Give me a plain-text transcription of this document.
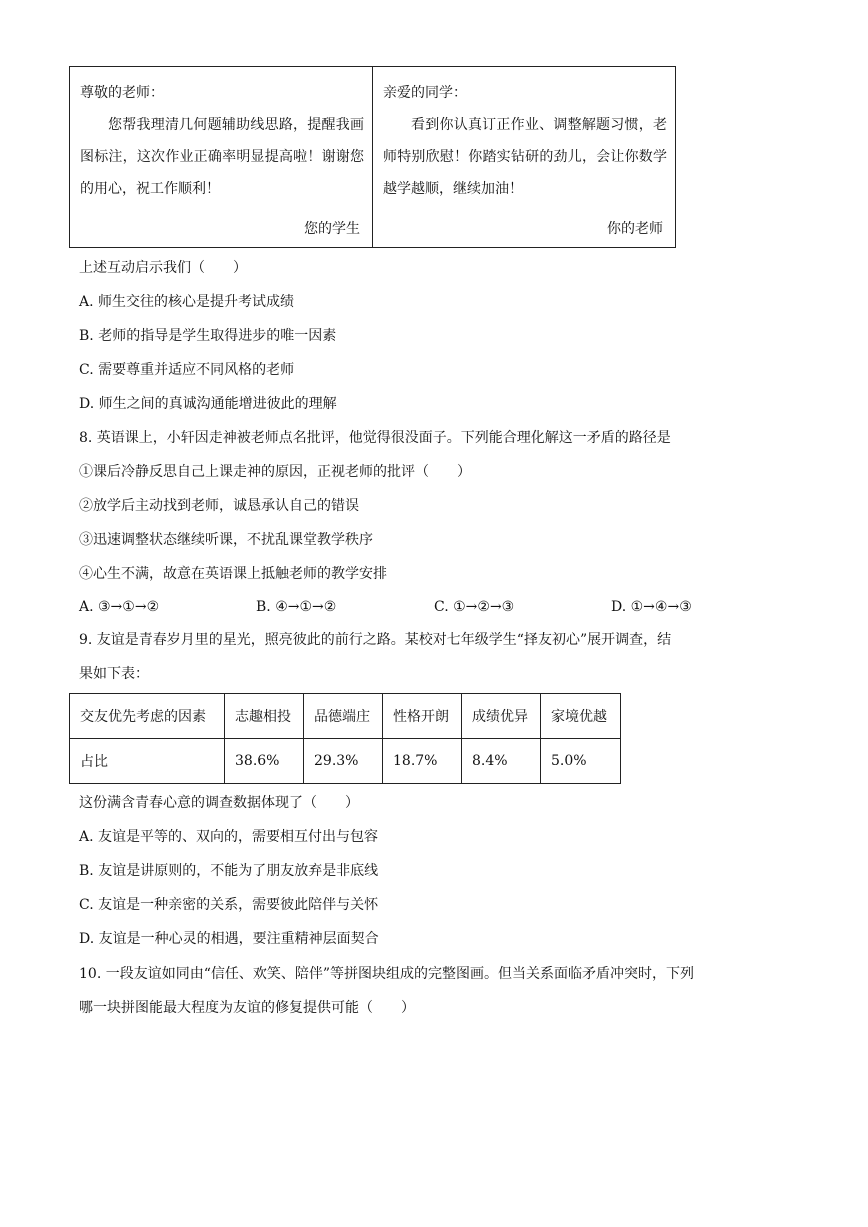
尊敬的老师：
您帮我理清几何题辅助线思路，提醒我画图标注，这次作业正确率明显提高啦！谢谢您的用心，祝工作顺利！
您的学生
亲爱的同学：
看到你认真订正作业、调整解题习惯，老师特别欣慰！你踏实钻研的劲儿，会让你数学越学越顺，继续加油！
你的老师
上述互动启示我们（　　）
A. 师生交往的核心是提升考试成绩
B. 老师的指导是学生取得进步的唯一因素
C. 需要尊重并适应不同风格的老师
D. 师生之间的真诚沟通能增进彼此的理解
8. 英语课上，小轩因走神被老师点名批评，他觉得很没面子。下列能合理化解这一矛盾的路径是
①课后冷静反思自己上课走神的原因，正视老师的批评（　　）
②放学后主动找到老师，诚恳承认自己的错误
③迅速调整状态继续听课，不扰乱课堂教学秩序
④心生不满，故意在英语课上抵触老师的教学安排
A. ③→①→②	B. ④→①→②	C. ①→②→③	D. ①→④→③
9. 友谊是青春岁月里的星光，照亮彼此的前行之路。某校对七年级学生“择友初心”展开调查，结果如下表：
交友优先考虑的因素	志趣相投	品德端庄	性格开朗	成绩优异	家境优越
占比	38.6%	29.3%	18.7%	8.4%	5.0%
这份满含青春心意的调查数据体现了（　　）
A. 友谊是平等的、双向的，需要相互付出与包容
B. 友谊是讲原则的，不能为了朋友放弃是非底线
C. 友谊是一种亲密的关系，需要彼此陪伴与关怀
D. 友谊是一种心灵的相遇，要注重精神层面契合
10. 一段友谊如同由“信任、欢笑、陪伴”等拼图块组成的完整图画。但当关系面临矛盾冲突时，下列哪一块拼图能最大程度为友谊的修复提供可能（　　）
